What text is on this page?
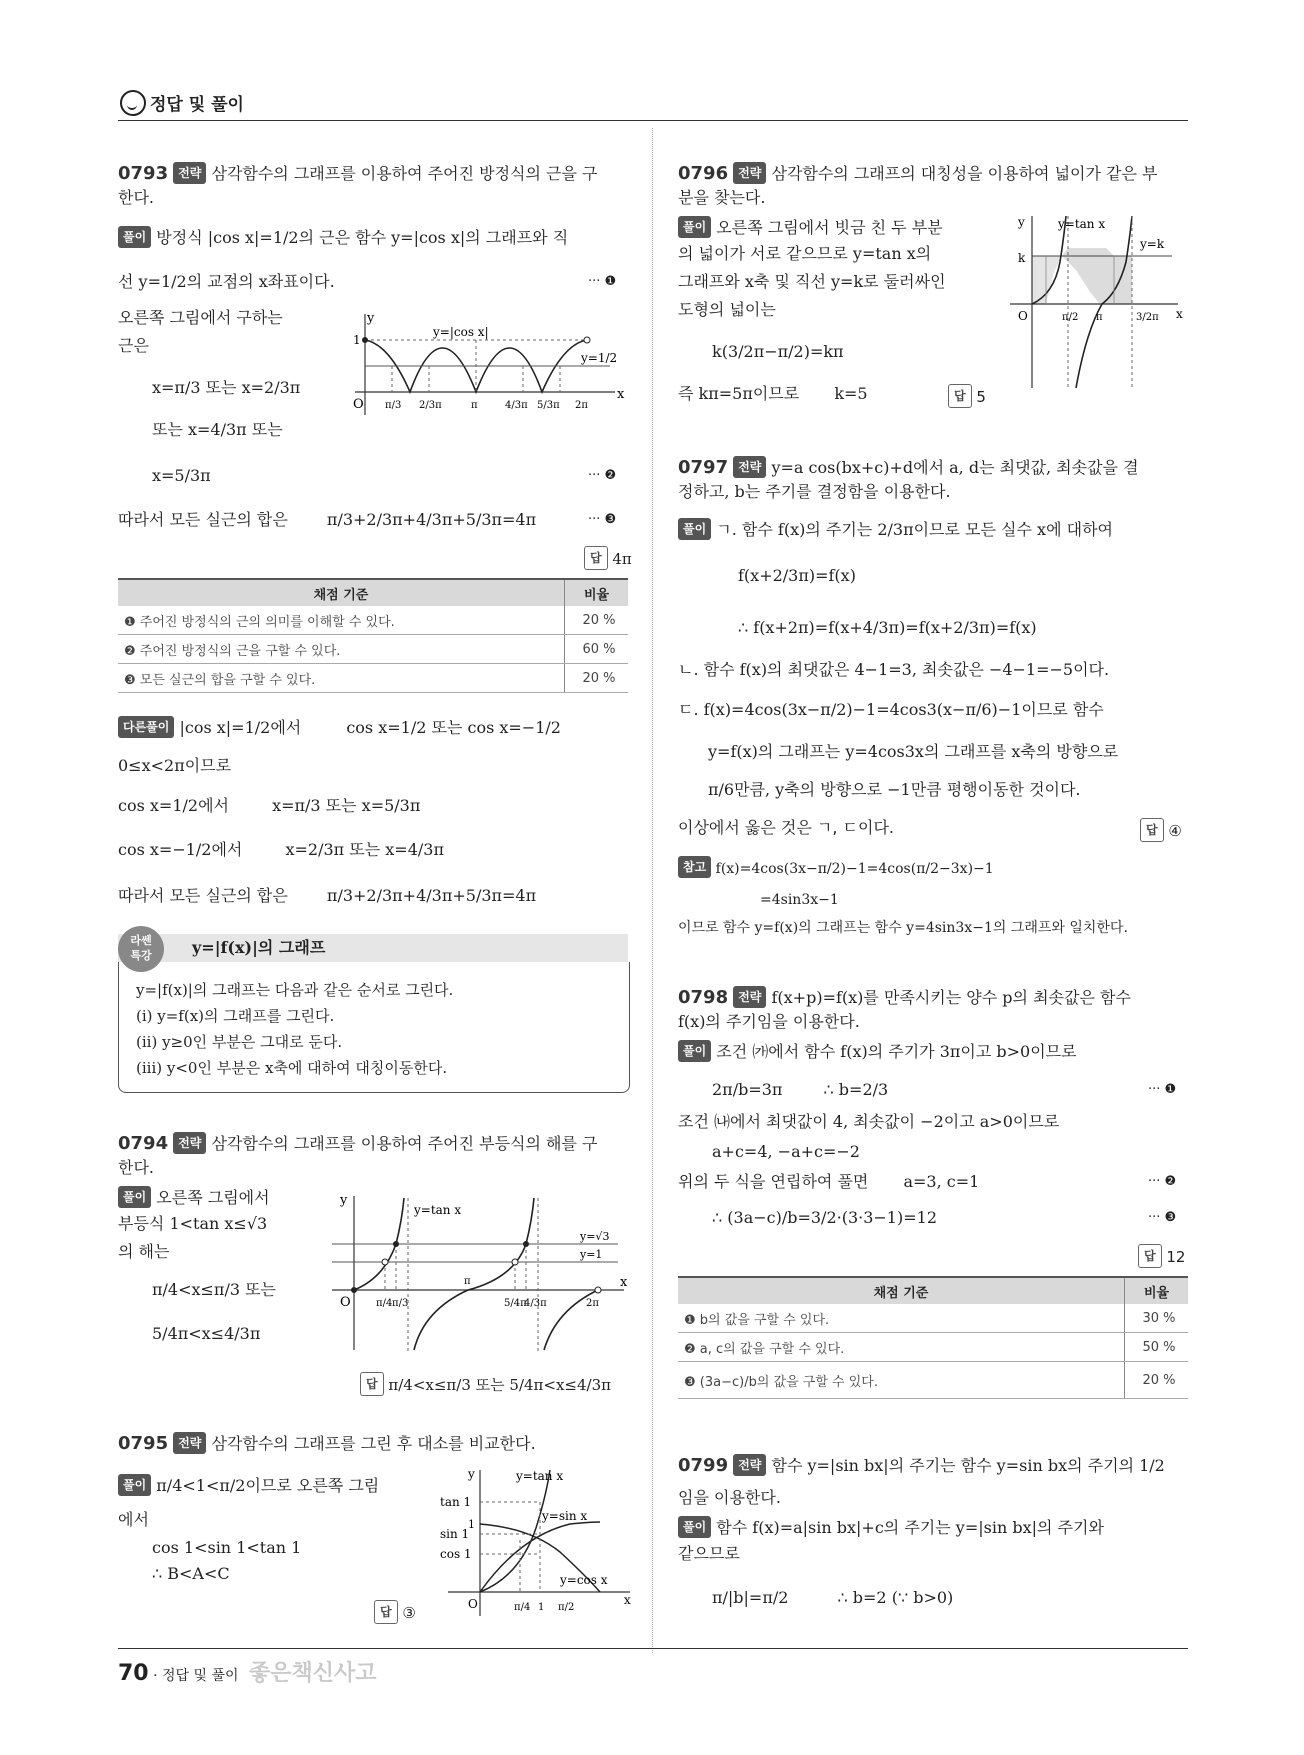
정답 및 풀이
0793 전략 삼각함수의 그래프를 이용하여 주어진 방정식의 근을 구
한다.
풀이 방정식 |cos x|=1/2의 근은 함수 y=|cos x|의 그래프와 직
선 y=1/2의 교점의 x좌표이다.	··· ❶
오른쪽 그림에서 구하는
근은
x=π/3 또는 x=2/3π
또는 x=4/3π 또는
x=5/3π	··· ❷
따라서 모든 실근의 합은 π/3+2/3π+4/3π+5/3π=4π	··· ❸
답 4π
y
1
O
x
y=|cos x|
y=1/2
π/3 2/3π	π	4/3π 5/3π 2π
채점 기준	비율
❶ 주어진 방정식의 근의 의미를 이해할 수 있다.	20 %
❷ 주어진 방정식의 근을 구할 수 있다.	60 %
❸ 모든 실근의 합을 구할 수 있다.	20 %
다른풀이 |cos x|=1/2에서	cos x=1/2 또는 cos x=−1/2
0≤x<2π이므로
cos x=1/2에서	x=π/3 또는 x=5/3π
cos x=−1/2에서	x=2/3π 또는 x=4/3π
따라서 모든 실근의 합은 π/3+2/3π+4/3π+5/3π=4π
라쎈
특강	y=|f(x)|의 그래프
y=|f(x)|의 그래프는 다음과 같은 순서로 그린다.
(i) y=f(x)의 그래프를 그린다.
(ii) y≥0인 부분은 그대로 둔다.
(iii) y<0인 부분은 x축에 대하여 대칭이동한다.
0794 전략 삼각함수의 그래프를 이용하여 주어진 부등식의 해를 구
한다.
풀이 오른쪽 그림에서
부등식 1<tan x≤√3
의 해는
π/4<x≤π/3 또는
5/4π<x≤4/3π
답 π/4<x≤π/3 또는 5/4π<x≤4/3π
y
O
x
y=tan x
y=√3
y=1
π/4 π/3
π
5/4π
4/3π	2π
0795 전략 삼각함수의 그래프를 그린 후 대소를 비교한다.
풀이 π/4<1<π/2이므로 오른쪽 그림
에서
cos 1<sin 1<tan 1
∴ B<A<C
답 ③
y
tan 1
1
sin 1
cos 1
O	x
y=tan x
y=sin x
y=cos x
π/4 1 π/2
0796 전략 삼각함수의 그래프의 대칭성을 이용하여 넓이가 같은 부
분을 찾는다.
풀이 오른쪽 그림에서 빗금 친 두 부분
의 넓이가 서로 같으므로 y=tan x의
그래프와 x축 및 직선 y=k로 둘러싸인
도형의 넓이는
k(3/2π−π/2)=kπ
즉 kπ=5π이므로 k=5	답 5
y
k
O	x
y=tan x
y=k
π/2 π	3/2π
0797 전략 y=a cos(bx+c)+d에서 a, d는 최댓값, 최솟값을 결
정하고, b는 주기를 결정함을 이용한다.
풀이 ㄱ. 함수 f(x)의 주기는 2/3π이므로 모든 실수 x에 대하여
f(x+2/3π)=f(x)
∴ f(x+2π)=f(x+4/3π)=f(x+2/3π)=f(x)
ㄴ. 함수 f(x)의 최댓값은 4−1=3, 최솟값은 −4−1=−5이다.
ㄷ. f(x)=4cos(3x−π/2)−1=4cos3(x−π/6)−1이므로 함수
y=f(x)의 그래프는 y=4cos3x의 그래프를 x축의 방향으로
π/6만큼, y축의 방향으로 −1만큼 평행이동한 것이다.
이상에서 옳은 것은 ㄱ, ㄷ이다.	답 ④
참고 f(x)=4cos(3x−π/2)−1=4cos(π/2−3x)−1
=4sin3x−1
이므로 함수 y=f(x)의 그래프는 함수 y=4sin3x−1의 그래프와 일치한다.
0798 전략 f(x+p)=f(x)를 만족시키는 양수 p의 최솟값은 함수
f(x)의 주기임을 이용한다.
풀이 조건 ㈎에서 함수 f(x)의 주기가 3π이고 b>0이므로
2π/b=3π	∴ b=2/3	··· ❶
조건 ㈏에서 최댓값이 4, 최솟값이 −2이고 a>0이므로
a+c=4, −a+c=−2
위의 두 식을 연립하여 풀면 a=3, c=1	··· ❷
∴ (3a−c)/b=3/2·(3·3−1)=12	··· ❸
답 12
채점 기준	비율
❶ b의 값을 구할 수 있다.	30 %
❷ a, c의 값을 구할 수 있다.	50 %
❸ (3a−c)/b의 값을 구할 수 있다.	20 %
0799 전략 함수 y=|sin bx|의 주기는 함수 y=sin bx의 주기의 1/2
임을 이용한다.
풀이 함수 f(x)=a|sin bx|+c의 주기는 y=|sin bx|의 주기와
같으므로
π/|b|=π/2	∴ b=2 (∵ b>0)
70 · 정답 및 풀이 좋은책신사고
